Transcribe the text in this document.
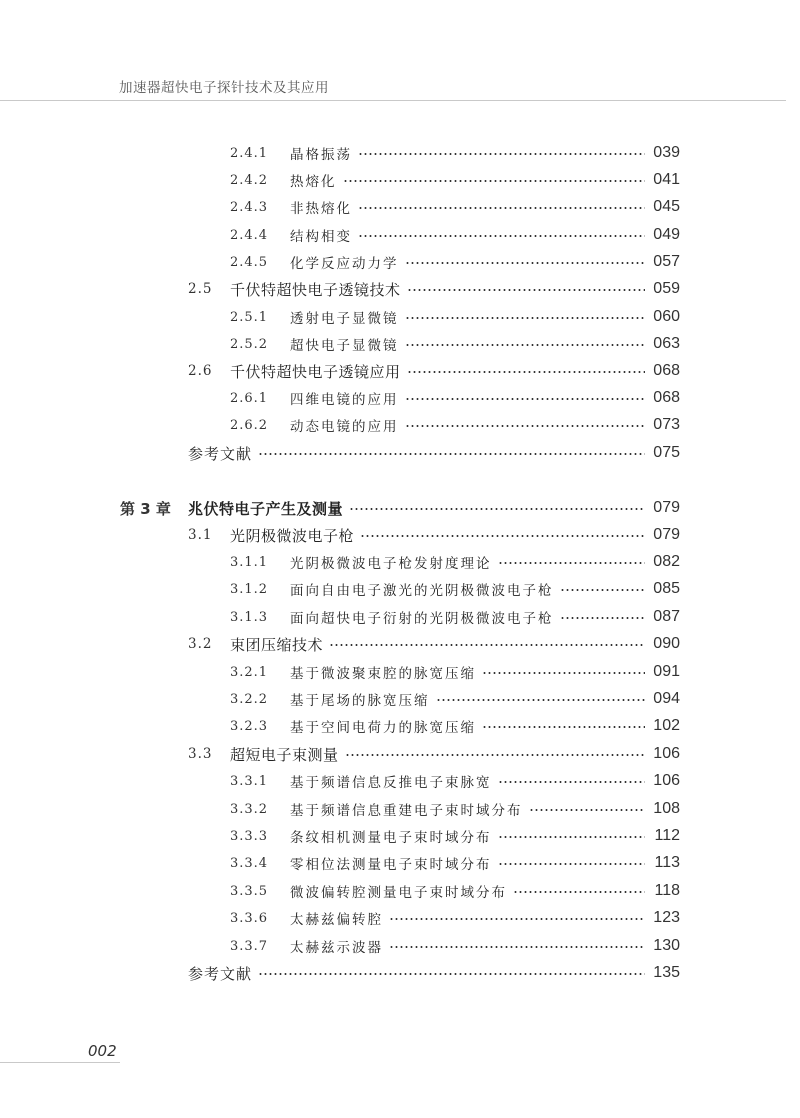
加速器超快电子探针技术及其应用
2.4.1	晶格振荡	039
2.4.2	热熔化	041
2.4.3	非热熔化	045
2.4.4	结构相变	049
2.4.5	化学反应动力学	057
2.5	千伏特超快电子透镜技术	059
2.5.1	透射电子显微镜	060
2.5.2	超快电子显微镜	063
2.6	千伏特超快电子透镜应用	068
2.6.1	四维电镜的应用	068
2.6.2	动态电镜的应用	073
参考文献	075
第 3 章	兆伏特电子产生及测量	079
3.1	光阴极微波电子枪	079
3.1.1	光阴极微波电子枪发射度理论	082
3.1.2	面向自由电子激光的光阴极微波电子枪	085
3.1.3	面向超快电子衍射的光阴极微波电子枪	087
3.2	束团压缩技术	090
3.2.1	基于微波聚束腔的脉宽压缩	091
3.2.2	基于尾场的脉宽压缩	094
3.2.3	基于空间电荷力的脉宽压缩	102
3.3	超短电子束测量	106
3.3.1	基于频谱信息反推电子束脉宽	106
3.3.2	基于频谱信息重建电子束时域分布	108
3.3.3	条纹相机测量电子束时域分布	112
3.3.4	零相位法测量电子束时域分布	113
3.3.5	微波偏转腔测量电子束时域分布	118
3.3.6	太赫兹偏转腔	123
3.3.7	太赫兹示波器	130
参考文献	135
002
